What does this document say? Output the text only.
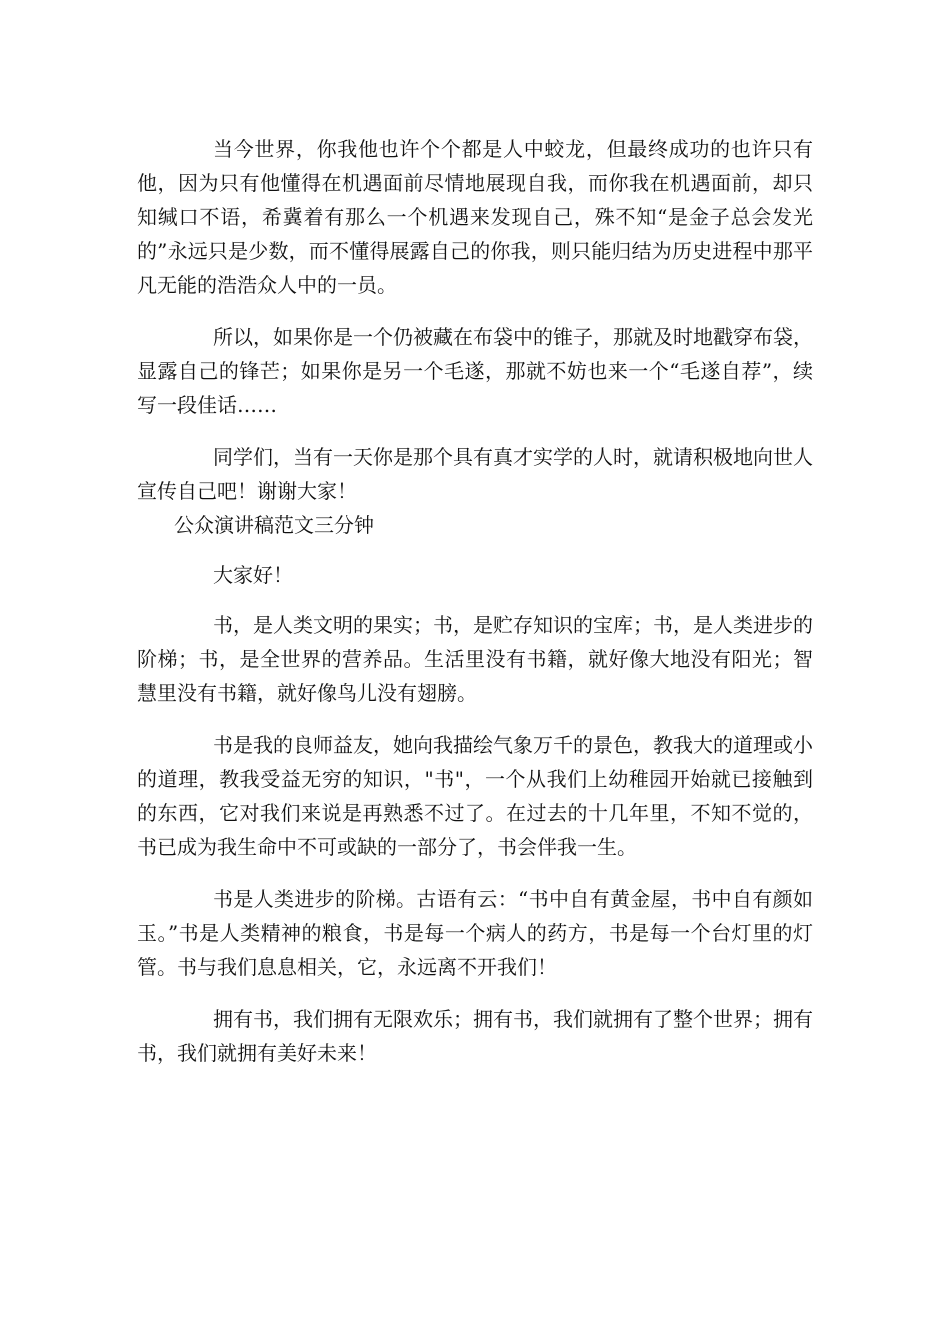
当今世界，你我他也许个个都是人中蛟龙，但最终成功的也许只有他，因为只有他懂得在机遇面前尽情地展现自我，而你我在机遇面前，却只知缄口不语，希冀着有那么一个机遇来发现自己，殊不知“是金子总会发光的”永远只是少数，而不懂得展露自己的你我，则只能归结为历史进程中那平凡无能的浩浩众人中的一员。

所以，如果你是一个仍被藏在布袋中的锥子，那就及时地戳穿布袋，显露自己的锋芒；如果你是另一个毛遂，那就不妨也来一个“毛遂自荐”，续写一段佳话……

同学们，当有一天你是那个具有真才实学的人时，就请积极地向世人宣传自己吧！谢谢大家！

公众演讲稿范文三分钟

大家好！

书，是人类文明的果实；书，是贮存知识的宝库；书，是人类进步的阶梯；书，是全世界的营养品。生活里没有书籍，就好像大地没有阳光；智慧里没有书籍，就好像鸟儿没有翅膀。

书是我的良师益友，她向我描绘气象万千的景色，教我大的道理或小的道理，教我受益无穷的知识，"书"，一个从我们上幼稚园开始就已接触到的东西，它对我们来说是再熟悉不过了。在过去的十几年里，不知不觉的，书已成为我生命中不可或缺的一部分了，书会伴我一生。

书是人类进步的阶梯。古语有云：“书中自有黄金屋，书中自有颜如玉。”书是人类精神的粮食，书是每一个病人的药方，书是每一个台灯里的灯管。书与我们息息相关，它，永远离不开我们！

拥有书，我们拥有无限欢乐；拥有书，我们就拥有了整个世界；拥有书，我们就拥有美好未来！
